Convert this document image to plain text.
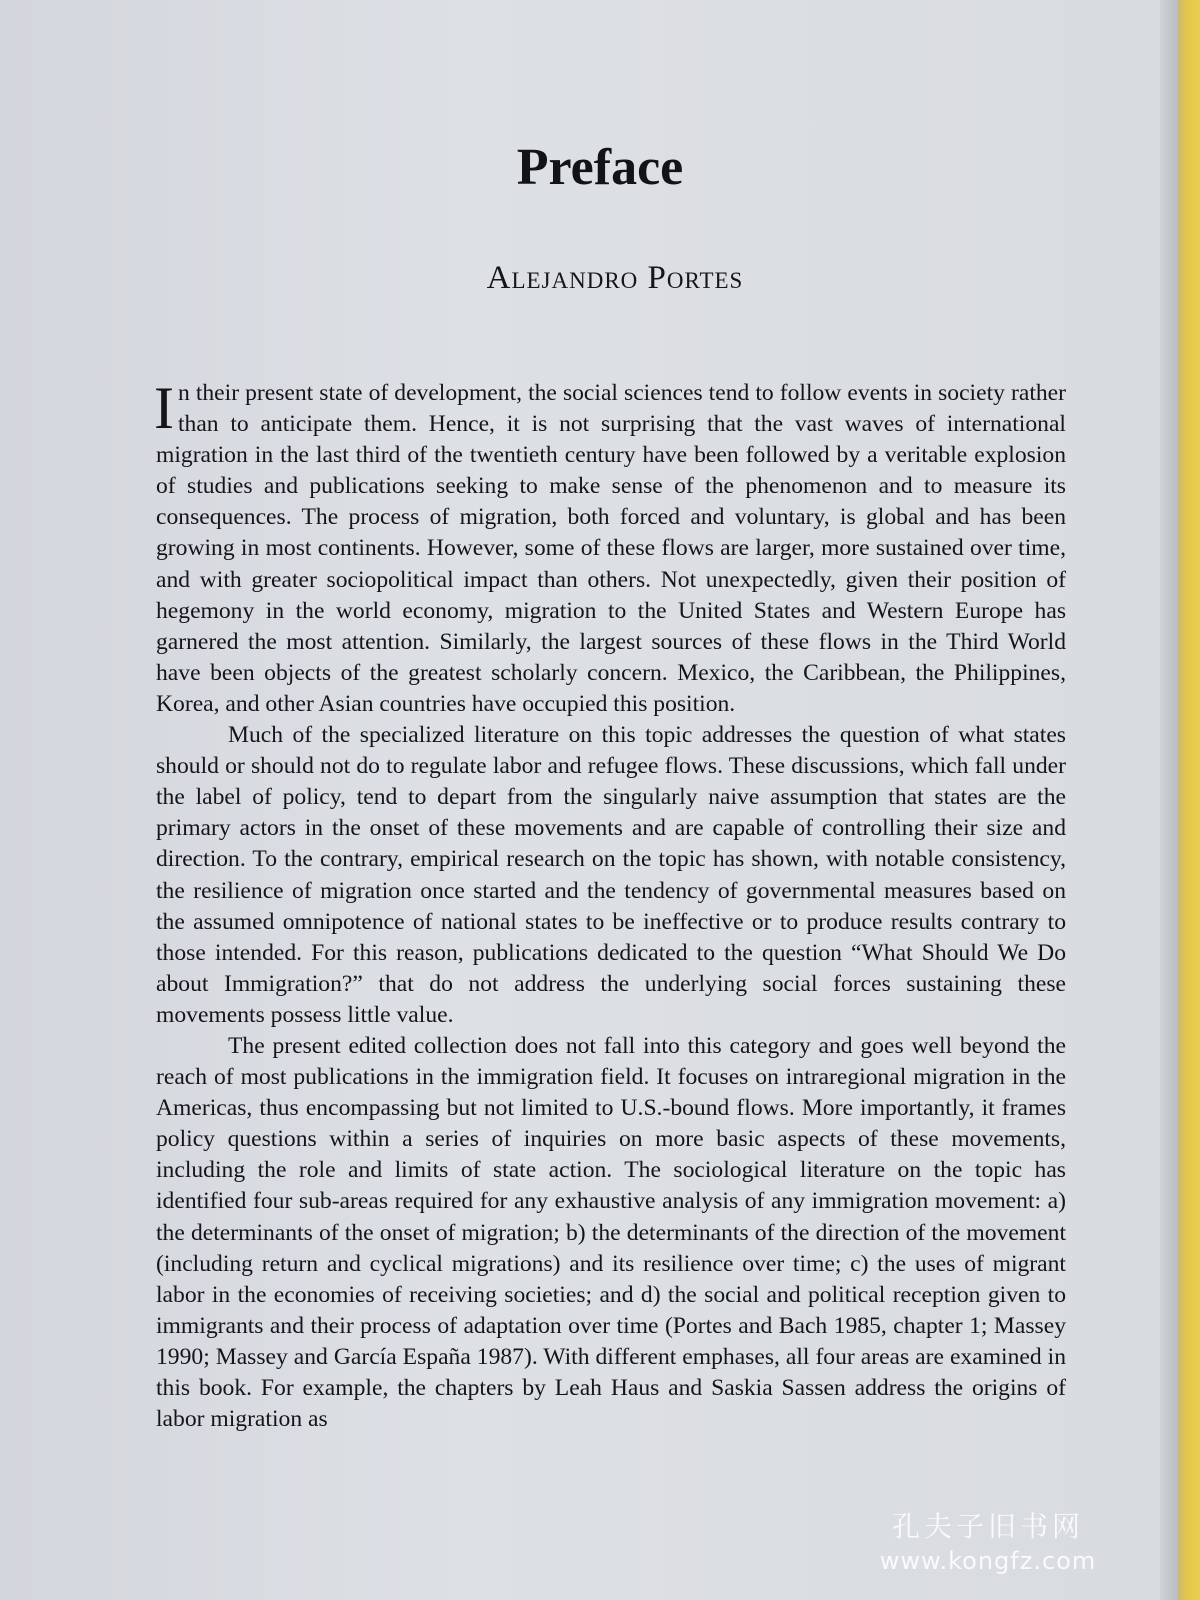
Preface
Alejandro Portes

In their present state of development, the social sciences tend to follow events in society rather than to anticipate them. Hence, it is not surprising that the vast waves of international migration in the last third of the twentieth century have been followed by a veritable explosion of studies and publications seeking to make sense of the phenomenon and to measure its consequences. The process of migration, both forced and voluntary, is global and has been growing in most continents. However, some of these flows are larger, more sustained over time, and with greater sociopolitical impact than others. Not unexpectedly, given their position of hegemony in the world economy, migration to the United States and Western Europe has garnered the most attention. Similarly, the largest sources of these flows in the Third World have been objects of the greatest scholarly concern. Mexico, the Caribbean, the Philippines, Korea, and other Asian countries have occupied this position.

Much of the specialized literature on this topic addresses the question of what states should or should not do to regulate labor and refugee flows. These discussions, which fall under the label of policy, tend to depart from the singularly naive assumption that states are the primary actors in the onset of these movements and are capable of controlling their size and direction. To the contrary, empirical research on the topic has shown, with notable consistency, the resilience of migration once started and the tendency of governmental measures based on the assumed omnipotence of national states to be ineffective or to produce results contrary to those intended. For this reason, publications dedicated to the question “What Should We Do about Immigration?” that do not address the underlying social forces sustaining these movements possess little value.

The present edited collection does not fall into this category and goes well beyond the reach of most publications in the immigration field. It focuses on intraregional migration in the Americas, thus encompassing but not limited to U.S.-bound flows. More importantly, it frames policy questions within a series of inquiries on more basic aspects of these movements, including the role and limits of state action. The sociological literature on the topic has identified four sub-areas required for any exhaustive analysis of any immigration movement: a) the determinants of the onset of migration; b) the determinants of the direction of the movement (including return and cyclical migrations) and its resilience over time; c) the uses of migrant labor in the economies of receiving societies; and d) the social and political reception given to immigrants and their process of adaptation over time (Portes and Bach 1985, chapter 1; Massey 1990; Massey and García España 1987). With different emphases, all four areas are examined in this book. For example, the chapters by Leah Haus and Saskia Sassen address the origins of labor migration as

孔夫子旧书网
www.kongfz.com
